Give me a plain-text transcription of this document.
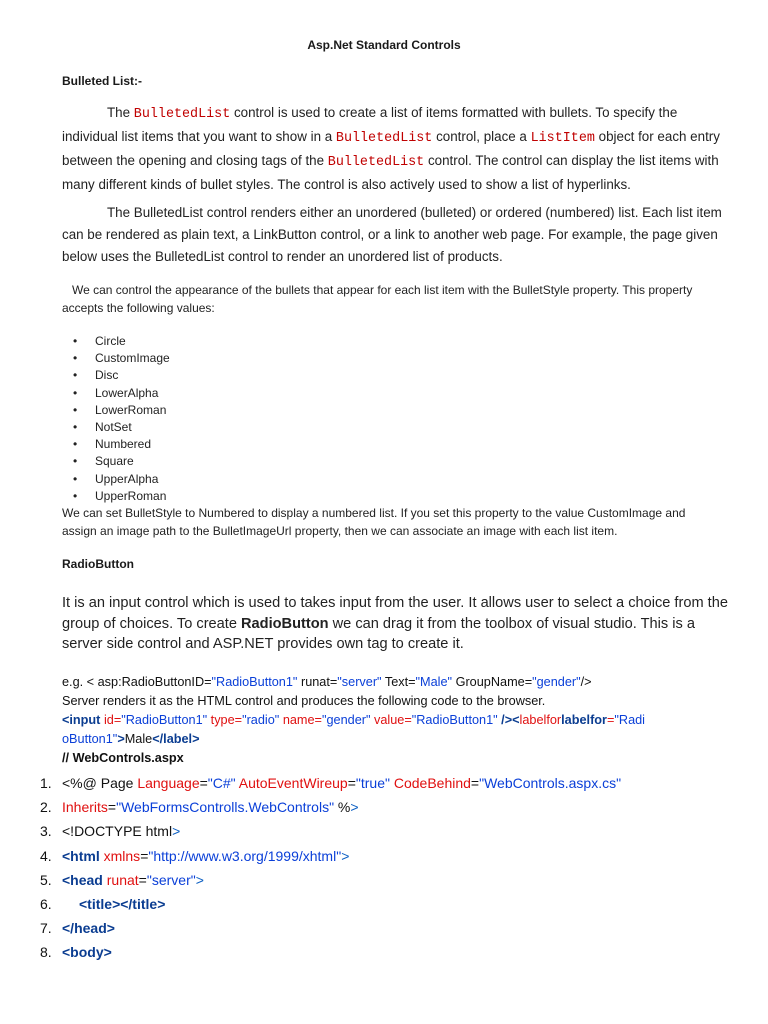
Asp.Net Standard Controls
Bulleted List:-
The BulletedList control is used to create a list of items formatted with bullets. To specify the individual list items that you want to show in a BulletedList control, place a ListItem object for each entry between the opening and closing tags of the BulletedList control. The control can display the list items with many different kinds of bullet styles. The control is also actively used to show a list of hyperlinks.
The BulletedList control renders either an unordered (bulleted) or ordered (numbered) list. Each list item can be rendered as plain text, a LinkButton control, or a link to another web page. For example, the page given below uses the BulletedList control to render an unordered list of products.
We can control the appearance of the bullets that appear for each list item with the BulletStyle property. This property accepts the following values:
• Circle
• CustomImage
• Disc
• LowerAlpha
• LowerRoman
• NotSet
• Numbered
• Square
• UpperAlpha
• UpperRoman
We can set BulletStyle to Numbered to display a numbered list. If you set this property to the value CustomImage and assign an image path to the BulletImageUrl property, then we can associate an image with each list item.
RadioButton
It is an input control which is used to takes input from the user. It allows user to select a choice from the group of choices. To create RadioButton we can drag it from the toolbox of visual studio. This is a server side control and ASP.NET provides own tag to create it.
e.g. < asp:RadioButtonID="RadioButton1" runat="server" Text="Male" GroupName="gender"/>
Server renders it as the HTML control and produces the following code to the browser.
<input id="RadioButton1" type="radio" name="gender" value="RadioButton1" /><labelforlabelfor="Radi
oButton1">Male</label>
// WebControls.aspx
1. <%@ Page Language="C#" AutoEventWireup="true" CodeBehind="WebControls.aspx.cs"
2. Inherits="WebFormsControlls.WebControls" %>
3. <!DOCTYPE html>
4. <html xmlns="http://www.w3.org/1999/xhtml">
5. <head runat="server">
6. <title></title>
7. </head>
8. <body>
